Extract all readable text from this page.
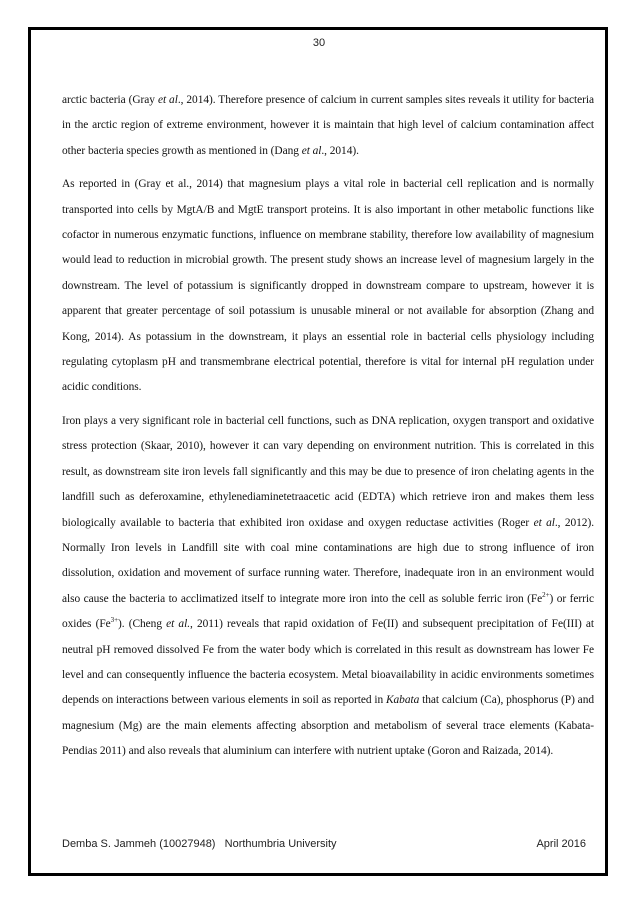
30

arctic bacteria (Gray et al., 2014). Therefore presence of calcium in current samples sites reveals it utility for bacteria in the arctic region of extreme environment, however it is maintain that high level of calcium contamination affect other bacteria species growth as mentioned in (Dang et al., 2014).

As reported in (Gray et al., 2014) that magnesium plays a vital role in bacterial cell replication and is normally transported into cells by MgtA/B and MgtE transport proteins. It is also important in other metabolic functions like cofactor in numerous enzymatic functions, influence on membrane stability, therefore low availability of magnesium would lead to reduction in microbial growth. The present study shows an increase level of magnesium largely in the downstream. The level of potassium is significantly dropped in downstream compare to upstream, however it is apparent that greater percentage of soil potassium is unusable mineral or not available for absorption (Zhang and Kong, 2014). As potassium in the downstream, it plays an essential role in bacterial cells physiology including regulating cytoplasm pH and transmembrane electrical potential, therefore is vital for internal pH regulation under acidic conditions.

Iron plays a very significant role in bacterial cell functions, such as DNA replication, oxygen transport and oxidative stress protection (Skaar, 2010), however it can vary depending on environment nutrition. This is correlated in this result, as downstream site iron levels fall significantly and this may be due to presence of iron chelating agents in the landfill such as deferoxamine, ethylenediaminetetraacetic acid (EDTA) which retrieve iron and makes them less biologically available to bacteria that exhibited iron oxidase and oxygen reductase activities (Roger et al., 2012). Normally Iron levels in Landfill site with coal mine contaminations are high due to strong influence of iron dissolution, oxidation and movement of surface running water. Therefore, inadequate iron in an environment would also cause the bacteria to acclimatized itself to integrate more iron into the cell as soluble ferric iron $(Fe^{2+})$ or ferric oxides $(Fe^{3+})$. (Cheng et al., 2011) reveals that rapid oxidation of Fe(II) and subsequent precipitation of Fe(III) at neutral pH removed dissolved Fe from the water body which is correlated in this result as downstream has lower Fe level and can consequently influence the bacteria ecosystem. Metal bioavailability in acidic environments sometimes depends on interactions between various elements in soil as reported in Kabata that calcium (Ca), phosphorus (P) and magnesium (Mg) are the main elements affecting absorption and metabolism of several trace elements (Kabata-Pendias 2011) and also reveals that aluminium can interfere with nutrient uptake (Goron and Raizada, 2014).

Demba S. Jammeh (10027948)   Northumbria University	April 2016
